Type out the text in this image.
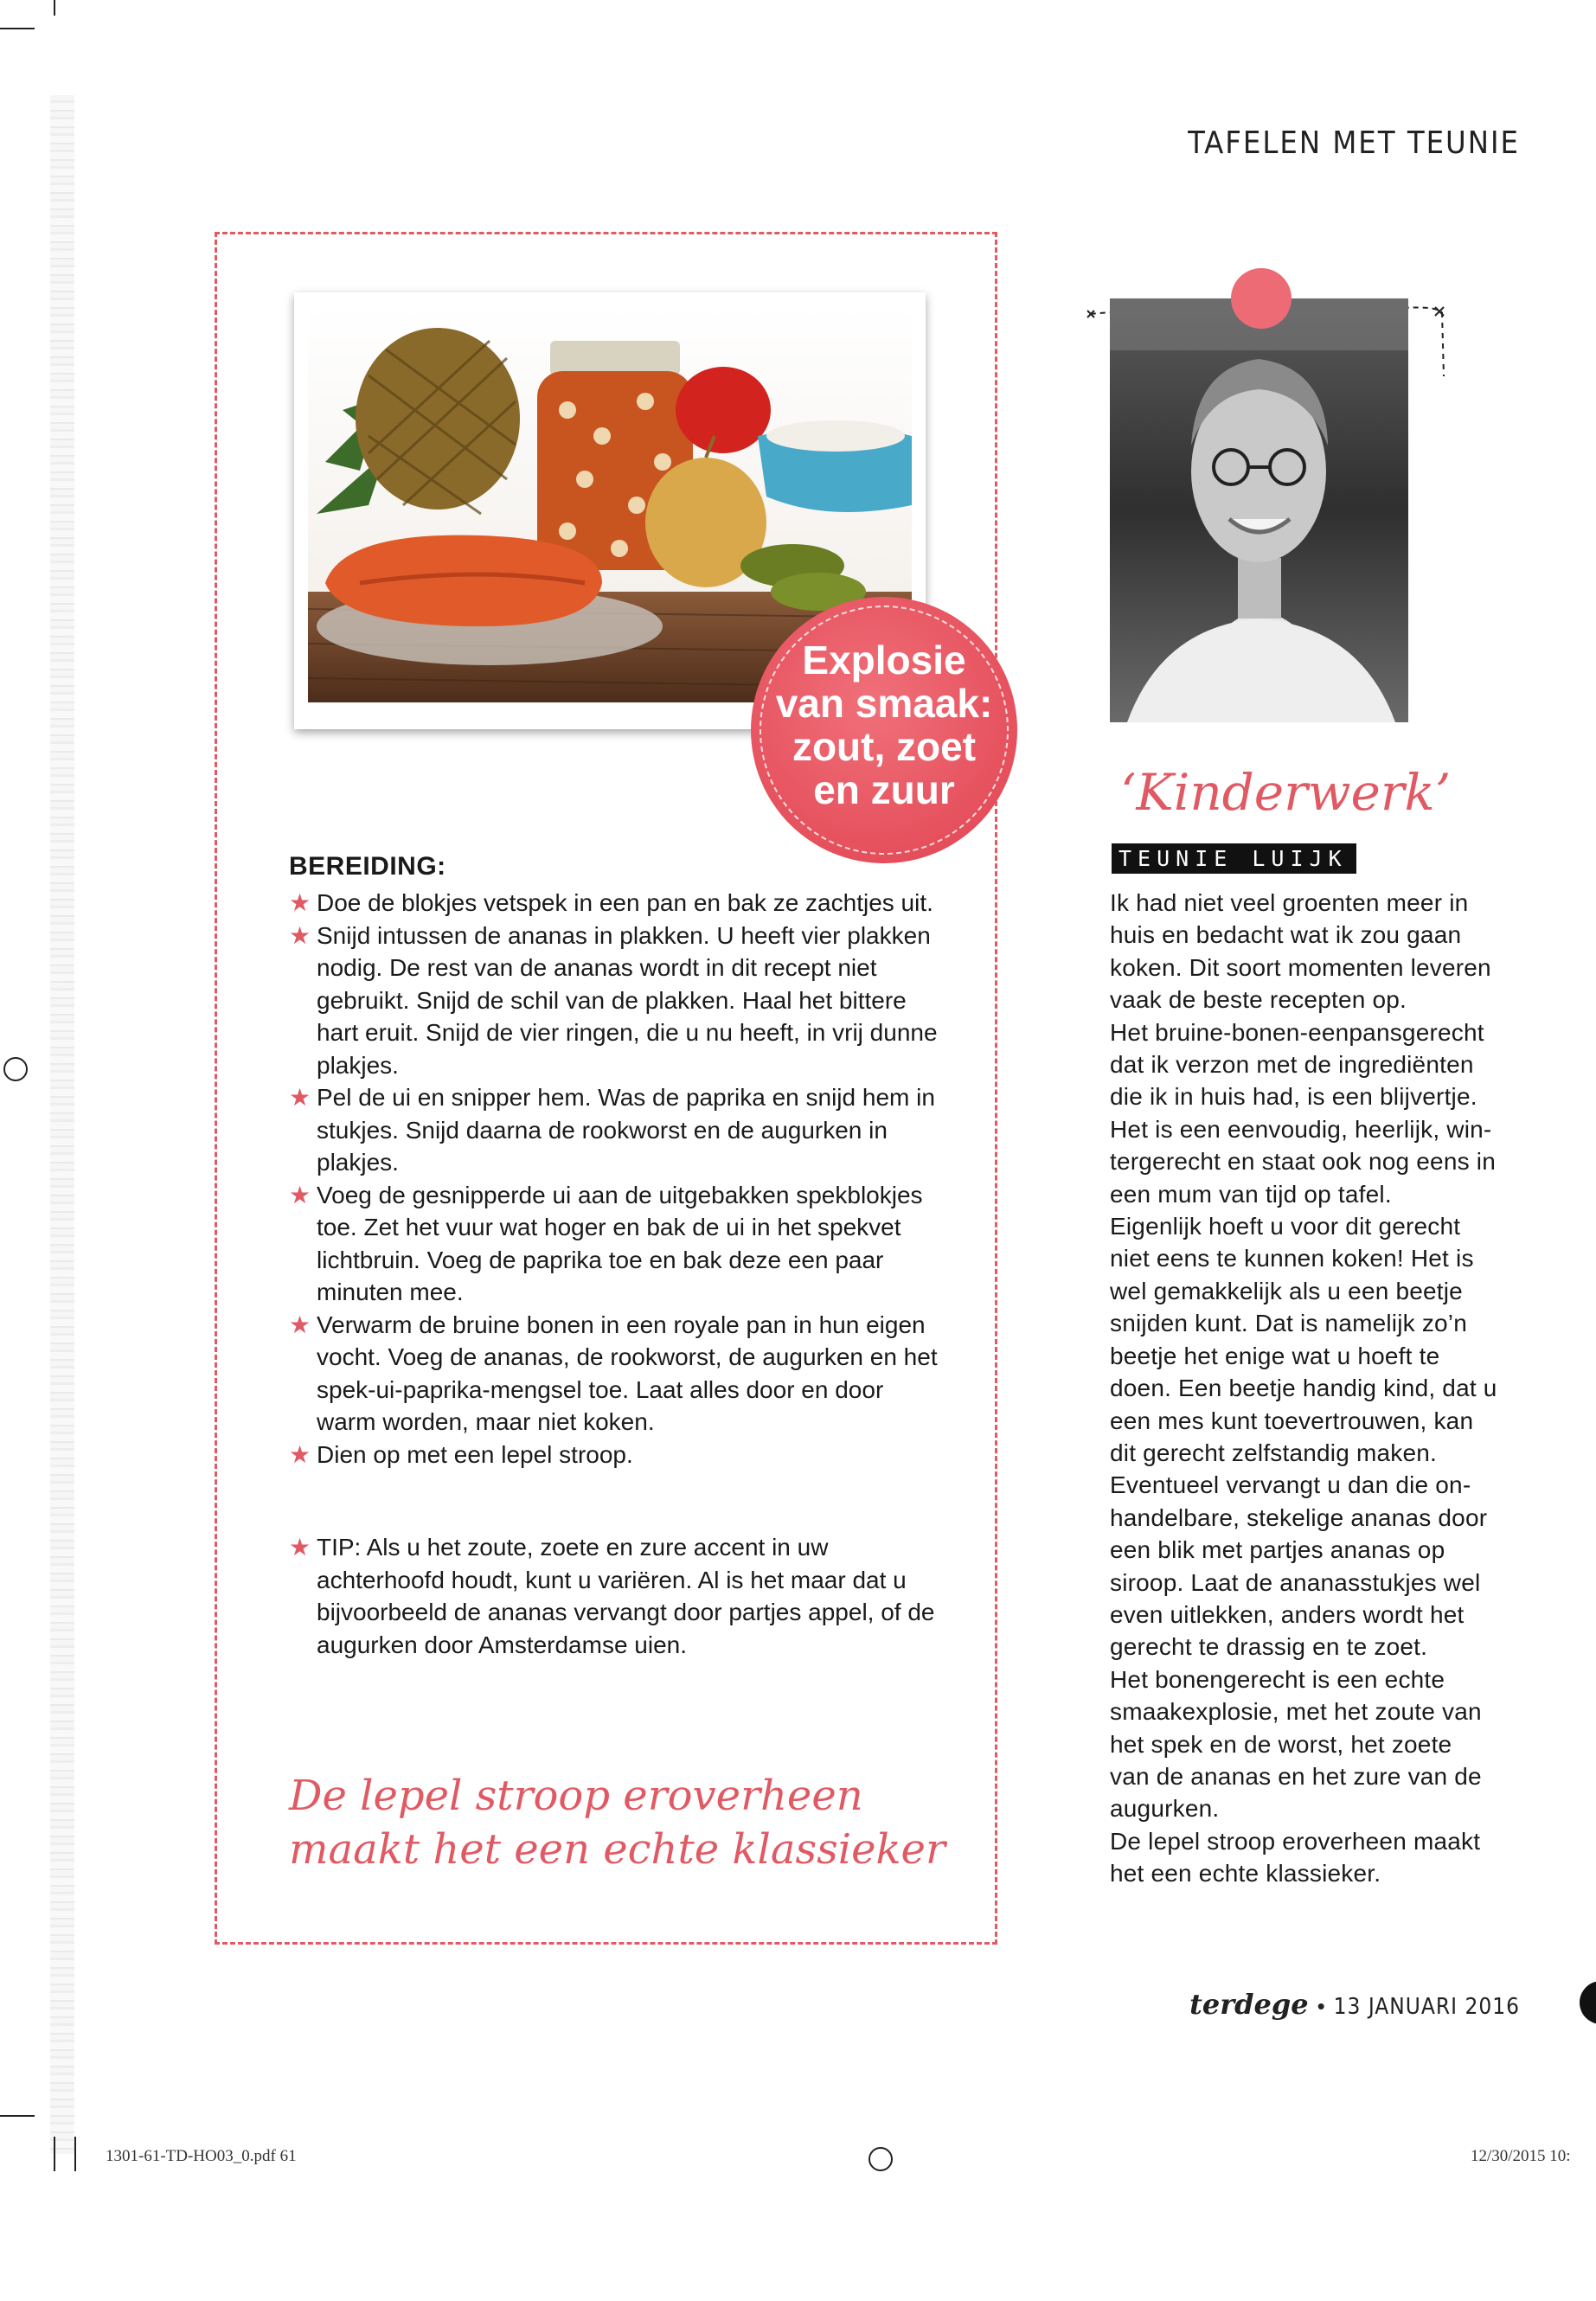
TAFELEN MET TEUNIE
Explosie
van smaak:
zout, zoet
en zuur
BEREIDING:
★ Doe de blokjes vetspek in een pan en bak ze zachtjes uit.
★ Snijd intussen de ananas in plakken. U heeft vier plakken nodig. De rest van de ananas wordt in dit recept niet gebruikt. Snijd de schil van de plakken. Haal het bittere hart eruit. Snijd de vier ringen, die u nu heeft, in vrij dunne plakjes.
★ Pel de ui en snipper hem. Was de paprika en snijd hem in stukjes. Snijd daarna de rookworst en de augurken in plakjes.
★ Voeg de gesnipperde ui aan de uitgebakken spekblokjes toe. Zet het vuur wat hoger en bak de ui in het spekvet lichtbruin. Voeg de paprika toe en bak deze een paar minuten mee.
★ Verwarm de bruine bonen in een royale pan in hun eigen vocht. Voeg de ananas, de rookworst, de augurken en het spek-ui-paprika-mengsel toe. Laat alles door en door warm worden, maar niet koken.
★ Dien op met een lepel stroop.

★ TIP: Als u het zoute, zoete en zure accent in uw achterhoofd houdt, kunt u variëren. Al is het maar dat u bijvoorbeeld de ananas vervangt door partjes appel, of de augurken door Amsterdamse uien.

De lepel stroop eroverheen
maakt het een echte klassieker
‘Kinderwerk’
TEUNIE LUIJK

Ik had niet veel groenten meer in

huis en bedacht wat ik zou gaan

koken. Dit soort momenten leveren

vaak de beste recepten op.

Het bruine-bonen-eenpansgerecht

dat ik verzon met de ingrediënten

die ik in huis had, is een blijvertje.

Het is een eenvoudig, heerlijk, win-

tergerecht en staat ook nog eens in

een mum van tijd op tafel.

Eigenlijk hoeft u voor dit gerecht

niet eens te kunnen koken! Het is

wel gemakkelijk als u een beetje

snijden kunt. Dat is namelijk zo’n

beetje het enige wat u hoeft te

doen. Een beetje handig kind, dat u

een mes kunt toevertrouwen, kan

dit gerecht zelfstandig maken.

Eventueel vervangt u dan die on-

handelbare, stekelige ananas door

een blik met partjes ananas op

siroop. Laat de ananasstukjes wel

even uitlekken, anders wordt het

gerecht te drassig en te zoet.

Het bonengerecht is een echte

smaakexplosie, met het zoute van

het spek en de worst, het zoete

van de ananas en het zure van de

augurken.

De lepel stroop eroverheen maakt

het een echte klassieker.

terdege • 13 JANUARI 2016
1301-61-TD-HO03_0.pdf 61	12/30/2015 10:
